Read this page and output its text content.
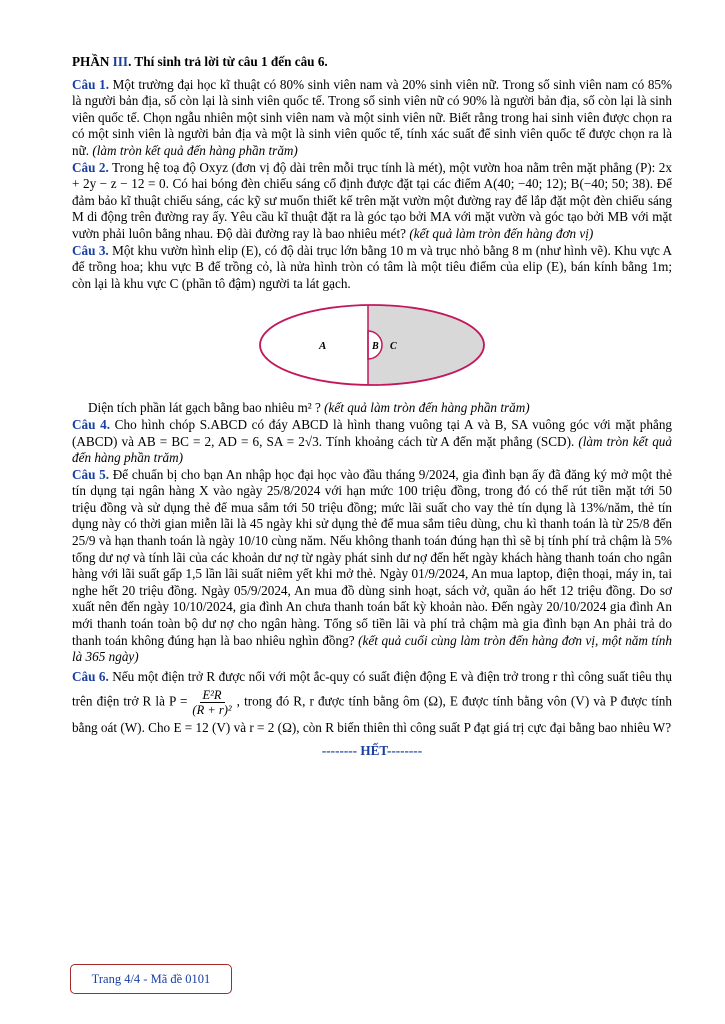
PHẦN III. Thí sinh trả lời từ câu 1 đến câu 6.

Câu 1. Một trường đại học kĩ thuật có 80% sinh viên nam và 20% sinh viên nữ. Trong số sinh viên nam có 85% là người bản địa, số còn lại là sinh viên quốc tế. Trong số sinh viên nữ có 90% là người bản địa, số còn lại là sinh viên quốc tế. Chọn ngẫu nhiên một sinh viên nam và một sinh viên nữ. Biết rằng trong hai sinh viên được chọn ra có một sinh viên là người bản địa và một là sinh viên quốc tế, tính xác suất để sinh viên quốc tế được chọn ra là nữ. (làm tròn kết quả đến hàng phần trăm)

Câu 2. Trong hệ toạ độ Oxyz (đơn vị độ dài trên mỗi trục tính là mét), một vườn hoa nằm trên mặt phẳng (P): 2x + 2y − z − 12 = 0. Có hai bóng đèn chiếu sáng cố định được đặt tại các điểm A(40; −40; 12); B(−40; 50; 38). Để đảm bảo kĩ thuật chiếu sáng, các kỹ sư muốn thiết kế trên mặt vườn một đường ray để lắp đặt một đèn chiếu sáng M di động trên đường ray ấy. Yêu cầu kĩ thuật đặt ra là góc tạo bởi MA với mặt vườn và góc tạo bởi MB với mặt vườn phải luôn bằng nhau. Độ dài đường ray là bao nhiêu mét? (kết quả làm tròn đến hàng đơn vị)

Câu 3. Một khu vườn hình elip (E), có độ dài trục lớn bằng 10 m và trục nhỏ bằng 8 m (như hình vẽ). Khu vực A để trồng hoa; khu vực B để trồng cỏ, là nửa hình tròn có tâm là một tiêu điểm của elip (E), bán kính bằng 1m; còn lại là khu vực C (phần tô đậm) người ta lát gạch.

A	B C

Diện tích phần lát gạch bằng bao nhiêu m² ? (kết quả làm tròn đến hàng phần trăm)

Câu 4. Cho hình chóp S.ABCD có đáy ABCD là hình thang vuông tại A và B, SA vuông góc với mặt phẳng (ABCD) và AB = BC = 2, AD = 6, SA = 2√3. Tính khoảng cách từ A đến mặt phẳng (SCD). (làm tròn kết quả đến hàng phần trăm)

Câu 5. Để chuẩn bị cho bạn An nhập học đại học vào đầu tháng 9/2024, gia đình bạn ấy đã đăng ký mở một thẻ tín dụng tại ngân hàng X vào ngày 25/8/2024 với hạn mức 100 triệu đồng, trong đó có thể rút tiền mặt tới 50 triệu đồng và sử dụng thẻ để mua sắm tới 50 triệu đồng; mức lãi suất cho vay thẻ tín dụng là 13%/năm, thẻ tín dụng này có thời gian miễn lãi là 45 ngày khi sử dụng thẻ để mua sắm tiêu dùng, chu kì thanh toán là từ 25/8 đến 25/9 và hạn thanh toán là ngày 10/10 cùng năm. Nếu không thanh toán đúng hạn thì sẽ bị tính phí trả chậm là 5% tổng dư nợ và tính lãi của các khoản dư nợ từ ngày phát sinh dư nợ đến hết ngày khách hàng thanh toán cho ngân hàng với lãi suất gấp 1,5 lần lãi suất niêm yết khi mở thẻ. Ngày 01/9/2024, An mua laptop, điện thoại, máy in, tai nghe hết 20 triệu đồng. Ngày 05/9/2024, An mua đồ dùng sinh hoạt, sách vở, quần áo hết 12 triệu đồng. Do sơ xuất nên đến ngày 10/10/2024, gia đình An chưa thanh toán bất kỳ khoản nào. Đến ngày 20/10/2024 gia đình An mới thanh toán toàn bộ dư nợ cho ngân hàng. Tổng số tiền lãi và phí trả chậm mà gia đình bạn An phải trả do thanh toán không đúng hạn là bao nhiêu nghìn đồng? (kết quả cuối cùng làm tròn đến hàng đơn vị, một năm tính là 365 ngày)

Câu 6. Nếu một điện trở R được nối với một ắc-quy có suất điện động E và điện trở trong r thì công suất tiêu thụ trên điện trở R là $P = \frac{\text{E²R}}{\text{(R + r)²}}$ , trong đó R, r được tính bằng ôm (Ω), E được tính bằng vôn (V) và P được tính bằng oát (W). Cho E = 12 (V) và r = 2 (Ω), còn R biến thiên thì công suất P đạt giá trị cực đại bằng bao nhiêu W?

-------- HẾT--------
Trang 4/4 - Mã đề 0101
